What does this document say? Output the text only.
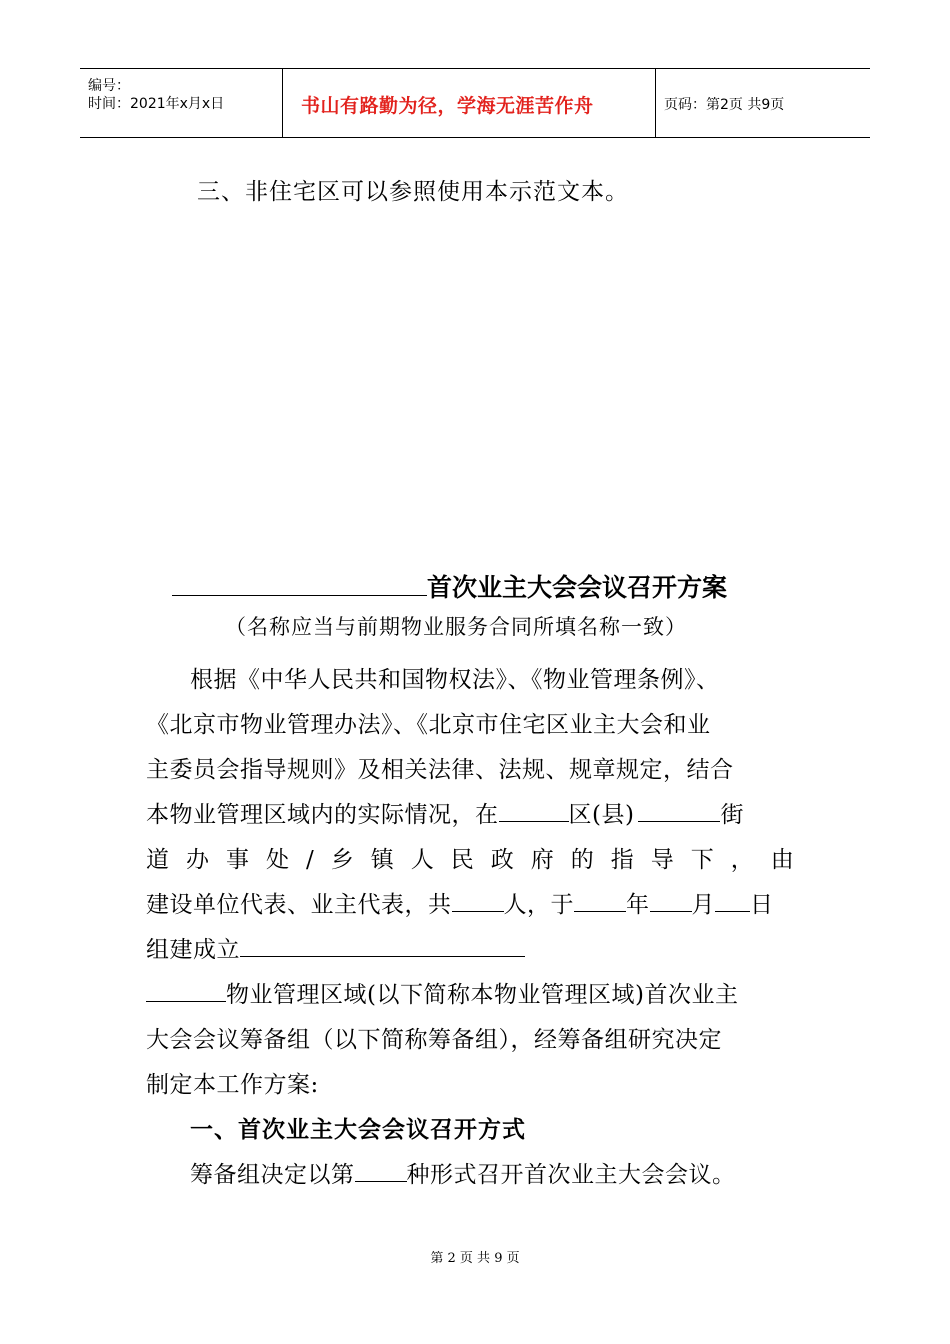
编号：
时间：2021年x月x日	书山有路勤为径，学海无涯苦作舟	页码：第2页 共9页
三、非住宅区可以参照使用本示范文本。
首次业主大会会议召开方案
（名称应当与前期物业服务合同所填名称一致）
根据《中华人民共和国物权法》、《物业管理条例》、
《北京市物业管理办法》、《北京市住宅区业主大会和业
主委员会指导规则》及相关法律、法规、规章规定，结合
本物业管理区域内的实际情况，在	区(县)	街
道办事处/乡镇人民政府的指导下，由
建设单位代表、业主代表，共 人，于 年 月 日
组建成立
物业管理区域(以下简称本物业管理区域)首次业主
大会会议筹备组（以下简称筹备组），经筹备组研究决定
制定本工作方案:
一、首次业主大会会议召开方式
筹备组决定以第 种形式召开首次业主大会会议。
第 2 页 共 9 页
